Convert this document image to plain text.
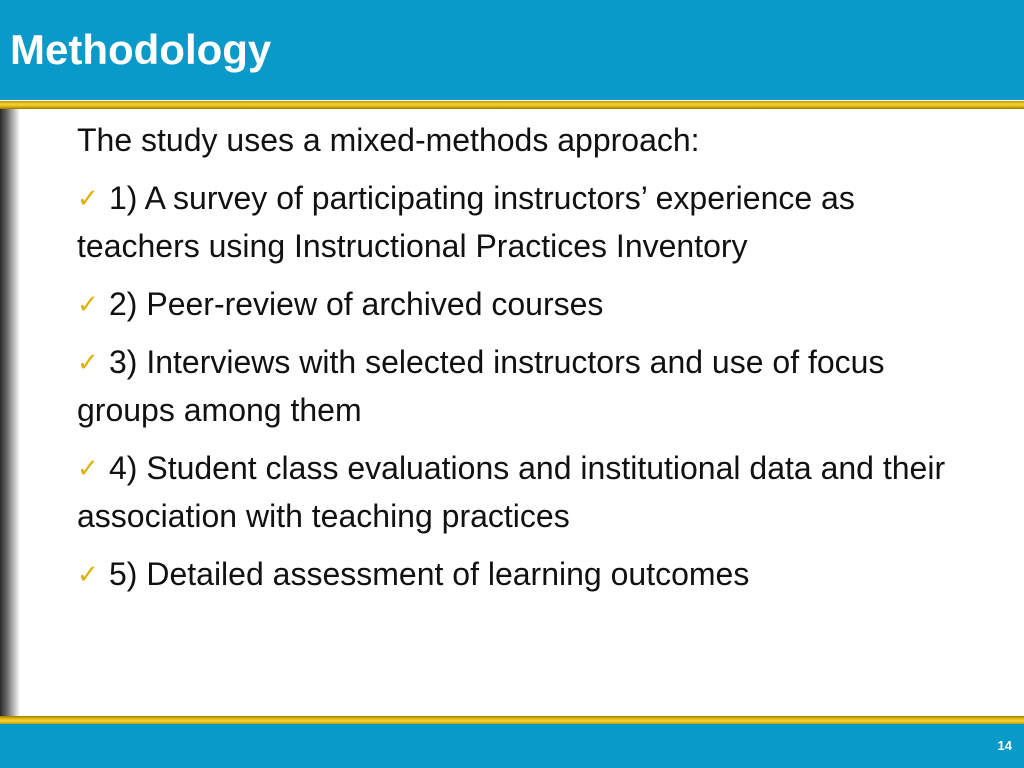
Methodology

The study uses a mixed-methods approach:

✓ 1) A survey of participating instructors’ experience as teachers using Instructional Practices Inventory

✓ 2) Peer-review of archived courses

✓ 3) Interviews with selected instructors and use of focus groups among them

✓ 4) Student class evaluations and institutional data and their association with teaching practices

✓ 5) Detailed assessment of learning outcomes

14
